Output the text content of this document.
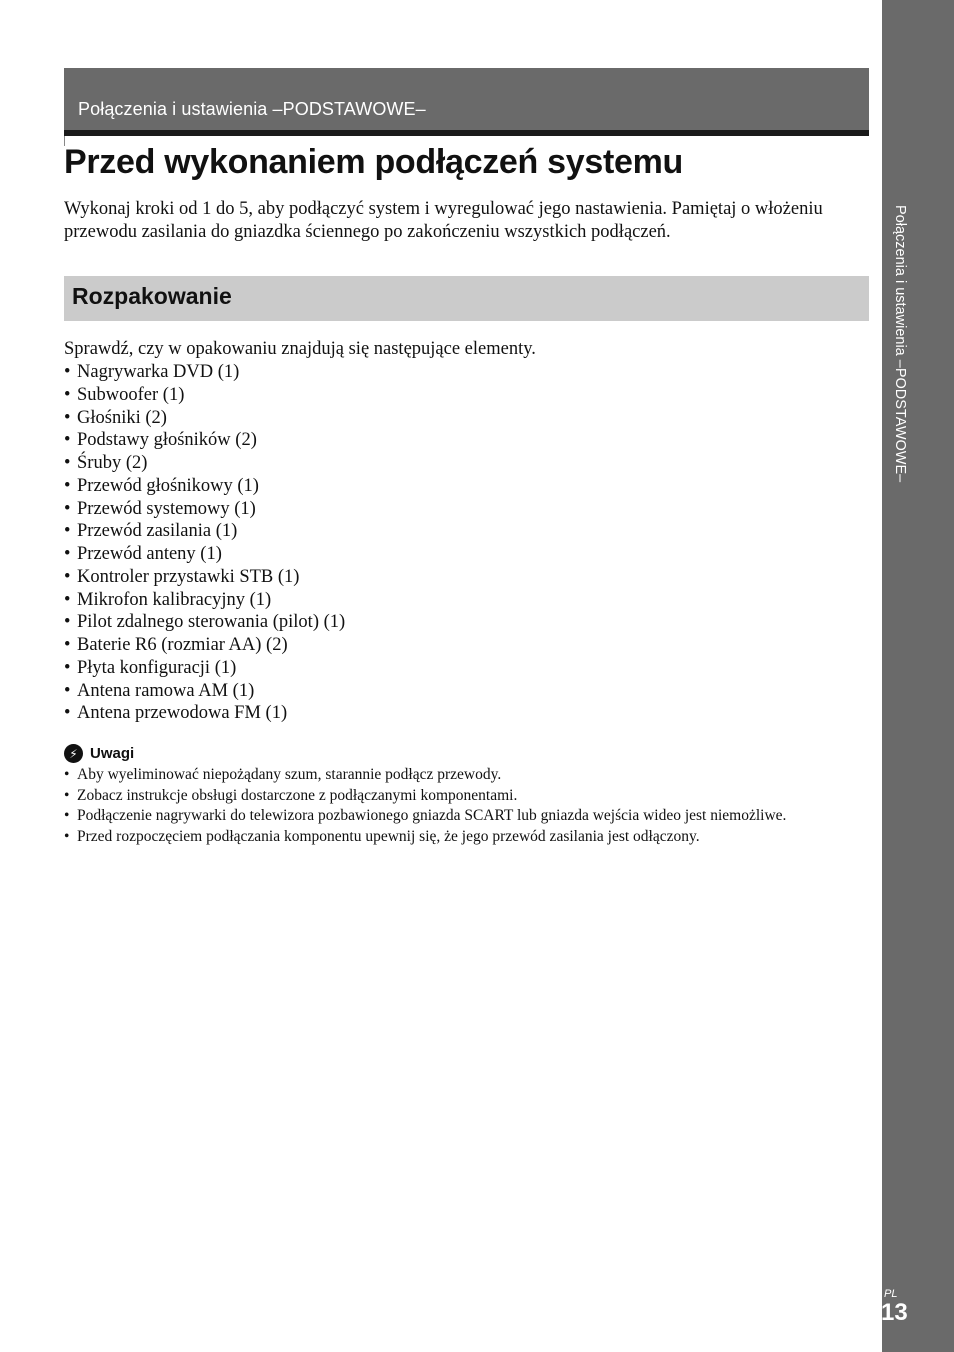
Połączenia i ustawienia –PODSTAWOWE–
Przed wykonaniem podłączeń systemu

Wykonaj kroki od 1 do 5, aby podłączyć system i wyregulować jego nastawienia. Pamiętaj o włożeniu przewodu zasilania do gniazdka ściennego po zakończeniu wszystkich podłączeń.

Rozpakowanie

Sprawdź, czy w opakowaniu znajdują się następujące elementy.

• Nagrywarka DVD (1)
• Subwoofer (1)
• Głośniki (2)
• Podstawy głośników (2)
• Śruby (2)
• Przewód głośnikowy (1)
• Przewód systemowy (1)
• Przewód zasilania (1)
• Przewód anteny (1)
• Kontroler przystawki STB (1)
• Mikrofon kalibracyjny (1)
• Pilot zdalnego sterowania (pilot) (1)
• Baterie R6 (rozmiar AA) (2)
• Płyta konfiguracji (1)
• Antena ramowa AM (1)
• Antena przewodowa FM (1)
⚡ Uwagi
• Aby wyeliminować niepożądany szum, starannie podłącz przewody.
• Zobacz instrukcje obsługi dostarczone z podłączanymi komponentami.
• Podłączenie nagrywarki do telewizora pozbawionego gniazda SCART lub gniazda wejścia wideo jest niemożliwe.
• Przed rozpoczęciem podłączania komponentu upewnij się, że jego przewód zasilania jest odłączony.
Połączenia i ustawienia –PODSTAWOWE–

PL

13
